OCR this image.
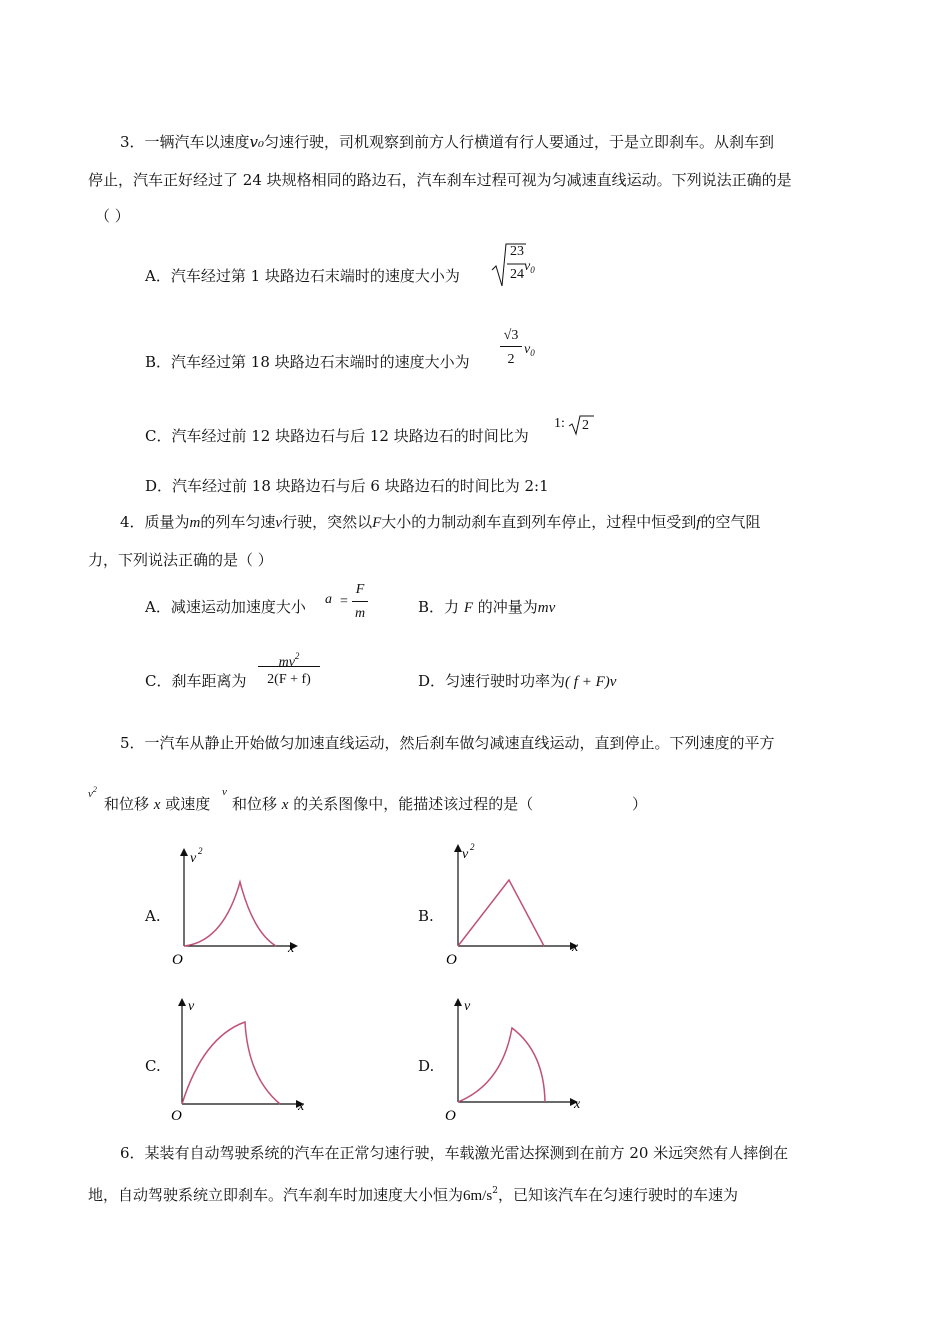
3．一辆汽车以速度v₀匀速行驶，司机观察到前方人行横道有行人要通过，于是立即刹车。从刹车到
停止，汽车正好经过了 24 块规格相同的路边石，汽车刹车过程可视为匀减速直线运动。下列说法正确的是
（ ）
A．汽车经过第 1 块路边石末端时的速度大小为
23
24
$v_0$
B．汽车经过第 18 块路边石末端时的速度大小为
√3
2
$v_0$
C．汽车经过前 12 块路边石与后 12 块路边石的时间比为
1: 2
D．汽车经过前 18 块路边石与后 6 块路边石的时间比为 2:1
4．质量为m的列车匀速v行驶，突然以F大小的力制动刹车直到列车停止，过程中恒受到f的空气阻
力，下列说法正确的是（ ）
A．减速运动加速度大小 a =
F
m	B．力 F 的冲量为mv
C．刹车距离为
$mv^2$
2(F + f)	D．匀速行驶时功率为( f + F)v
5．一汽车从静止开始做匀加速直线运动，然后刹车做匀减速直线运动，直到停止。下列速度的平方
$v^2$
和位移 x 或速度
v
和位移 x 的关系图像中，能描述该过程的是（	）
A.	B.
C.	D.
v 2
x
O
v 2
x
O
v
x
O
v
x
O
6．某装有自动驾驶系统的汽车在正常匀速行驶，车载激光雷达探测到在前方 20 米远突然有人摔倒在
地，自动驾驶系统立即刹车。汽车刹车时加速度大小恒为$6m/s^2$，已知该汽车在匀速行驶时的车速为
